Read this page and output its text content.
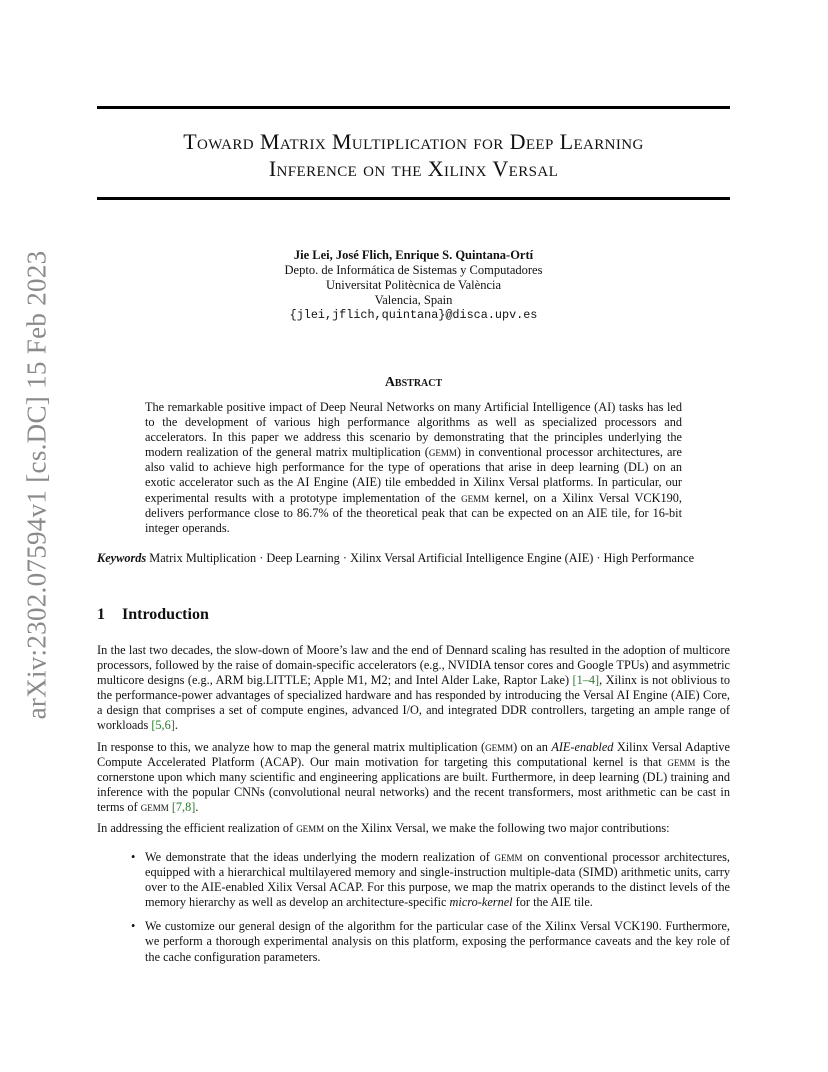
arXiv:2302.07594v1 [cs.DC] 15 Feb 2023
Toward Matrix Multiplication for Deep Learning
Inference on the Xilinx Versal
Jie Lei, José Flich, Enrique S. Quintana-Ortí
Depto. de Informática de Sistemas y Computadores
Universitat Politècnica de València
Valencia, Spain
{jlei,jflich,quintana}@disca.upv.es
Abstract

The remarkable positive impact of Deep Neural Networks on many Artificial Intelligence (AI) tasks has led to the development of various high performance algorithms as well as specialized processors and accelerators. In this paper we address this scenario by demonstrating that the principles underlying the modern realization of the general matrix multiplication (gemm) in conventional processor architectures, are also valid to achieve high performance for the type of operations that arise in deep learning (DL) on an exotic accelerator such as the AI Engine (AIE) tile embedded in Xilinx Versal platforms. In particular, our experimental results with a prototype implementation of the gemm kernel, on a Xilinx Versal VCK190, delivers performance close to 86.7% of the theoretical peak that can be expected on an AIE tile, for 16-bit integer operands.

Keywords Matrix Multiplication · Deep Learning · Xilinx Versal Artificial Intelligence Engine (AIE) · High Performance

1 Introduction

In the last two decades, the slow-down of Moore’s law and the end of Dennard scaling has resulted in the adoption of multicore processors, followed by the raise of domain-specific accelerators (e.g., NVIDIA tensor cores and Google TPUs) and asymmetric multicore designs (e.g., ARM big.LITTLE; Apple M1, M2; and Intel Alder Lake, Raptor Lake) [1–4], Xilinx is not oblivious to the performance-power advantages of specialized hardware and has responded by introducing the Versal AI Engine (AIE) Core, a design that comprises a set of compute engines, advanced I/O, and integrated DDR controllers, targeting an ample range of workloads [5,6].

In response to this, we analyze how to map the general matrix multiplication (gemm) on an AIE-enabled Xilinx Versal Adaptive Compute Accelerated Platform (ACAP). Our main motivation for targeting this computational kernel is that gemm is the cornerstone upon which many scientific and engineering applications are built. Furthermore, in deep learning (DL) training and inference with the popular CNNs (convolutional neural networks) and the recent transformers, most arithmetic can be cast in terms of gemm [7,8].

In addressing the efficient realization of gemm on the Xilinx Versal, we make the following two major contributions:

• We demonstrate that the ideas underlying the modern realization of gemm on conventional processor architectures, equipped with a hierarchical multilayered memory and single-instruction multiple-data (SIMD) arithmetic units, carry over to the AIE-enabled Xilix Versal ACAP. For this purpose, we map the matrix operands to the distinct levels of the memory hierarchy as well as develop an architecture-specific micro-kernel for the AIE tile.
• We customize our general design of the algorithm for the particular case of the Xilinx Versal VCK190. Furthermore, we perform a thorough experimental analysis on this platform, exposing the performance caveats and the key role of the cache configuration parameters.
